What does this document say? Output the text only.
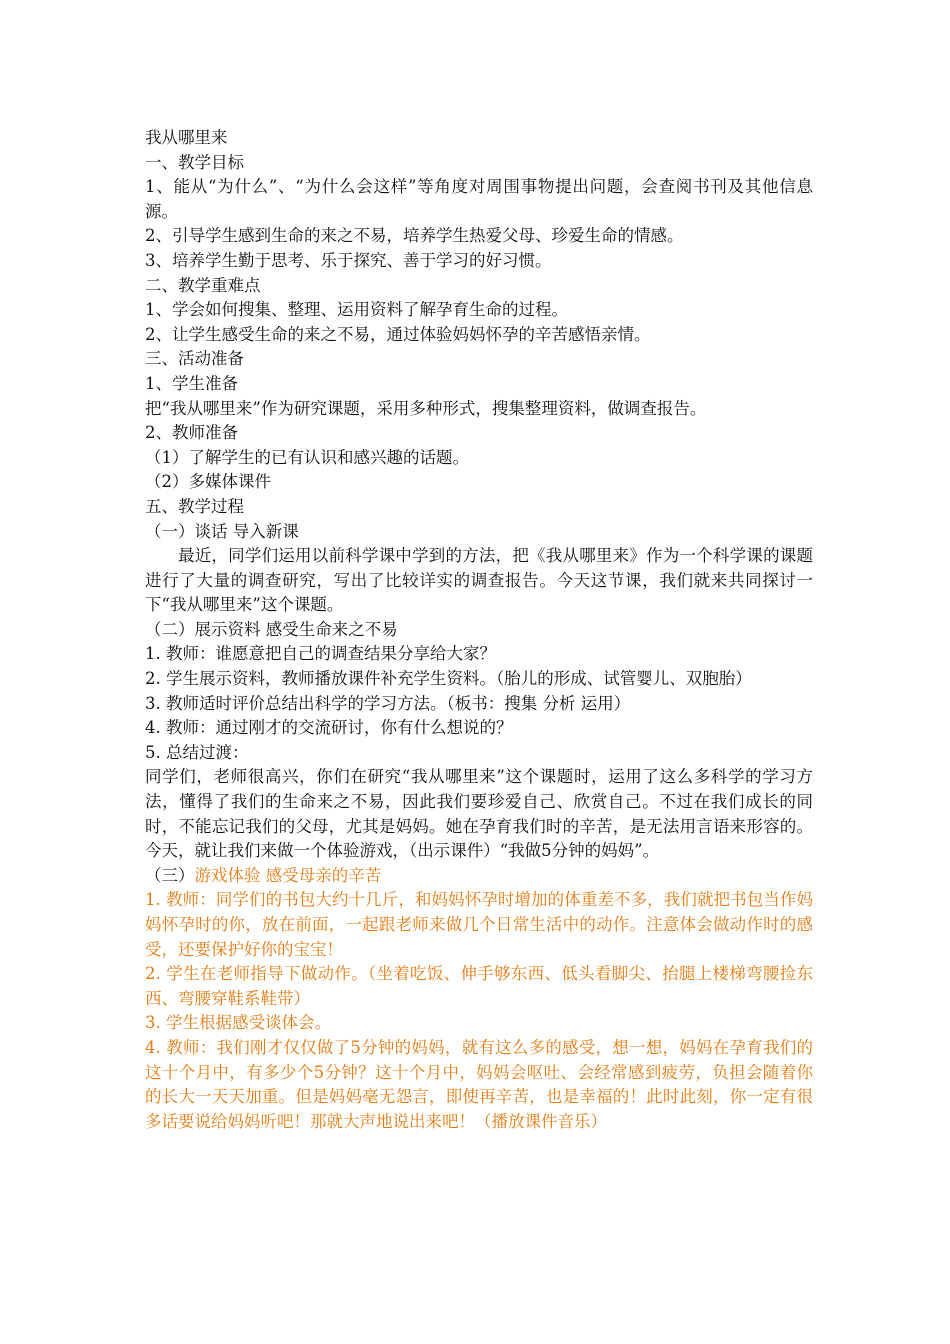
我从哪里来

一、教学目标

1、能从“为什么”、“为什么会这样”等角度对周围事物提出问题，会查阅书刊及其他信息源。

2、引导学生感到生命的来之不易，培养学生热爱父母、珍爱生命的情感。

3、培养学生勤于思考、乐于探究、善于学习的好习惯。

二、教学重难点

1、学会如何搜集、整理、运用资料了解孕育生命的过程。

2、让学生感受生命的来之不易，通过体验妈妈怀孕的辛苦感悟亲情。

三、活动准备

1、学生准备

把“我从哪里来”作为研究课题，采用多种形式，搜集整理资料，做调查报告。

2、教师准备

（1）了解学生的已有认识和感兴趣的话题。

（2）多媒体课件

五、教学过程

（一）谈话 导入新课

最近，同学们运用以前科学课中学到的方法，把《我从哪里来》作为一个科学课的课题进行了大量的调查研究，写出了比较详实的调查报告。今天这节课，我们就来共同探讨一下“我从哪里来”这个课题。

（二）展示资料 感受生命来之不易

1. 教师：谁愿意把自己的调查结果分享给大家？

2. 学生展示资料，教师播放课件补充学生资料。（胎儿的形成、试管婴儿、双胞胎）

3. 教师适时评价总结出科学的学习方法。（板书：搜集 分析 运用）

4. 教师：通过刚才的交流研讨，你有什么想说的？

5. 总结过渡：

同学们，老师很高兴，你们在研究“我从哪里来”这个课题时，运用了这么多科学的学习方法，懂得了我们的生命来之不易，因此我们要珍爱自己、欣赏自己。不过在我们成长的同时，不能忘记我们的父母，尤其是妈妈。她在孕育我们时的辛苦，是无法用言语来形容的。今天，就让我们来做一个体验游戏，（出示课件）“我做5分钟的妈妈”。

（三）游戏体验 感受母亲的辛苦

1. 教师：同学们的书包大约十几斤，和妈妈怀孕时增加的体重差不多，我们就把书包当作妈妈怀孕时的你，放在前面，一起跟老师来做几个日常生活中的动作。注意体会做动作时的感受，还要保护好你的宝宝！

2. 学生在老师指导下做动作。（坐着吃饭、伸手够东西、低头看脚尖、抬腿上楼梯弯腰捡东西、弯腰穿鞋系鞋带）

3. 学生根据感受谈体会。

4. 教师：我们刚才仅仅做了5分钟的妈妈，就有这么多的感受，想一想，妈妈在孕育我们的这十个月中，有多少个5分钟？这十个月中，妈妈会呕吐、会经常感到疲劳，负担会随着你的长大一天天加重。但是妈妈毫无怨言，即使再辛苦，也是幸福的！此时此刻，你一定有很多话要说给妈妈听吧！那就大声地说出来吧！（播放课件音乐）
